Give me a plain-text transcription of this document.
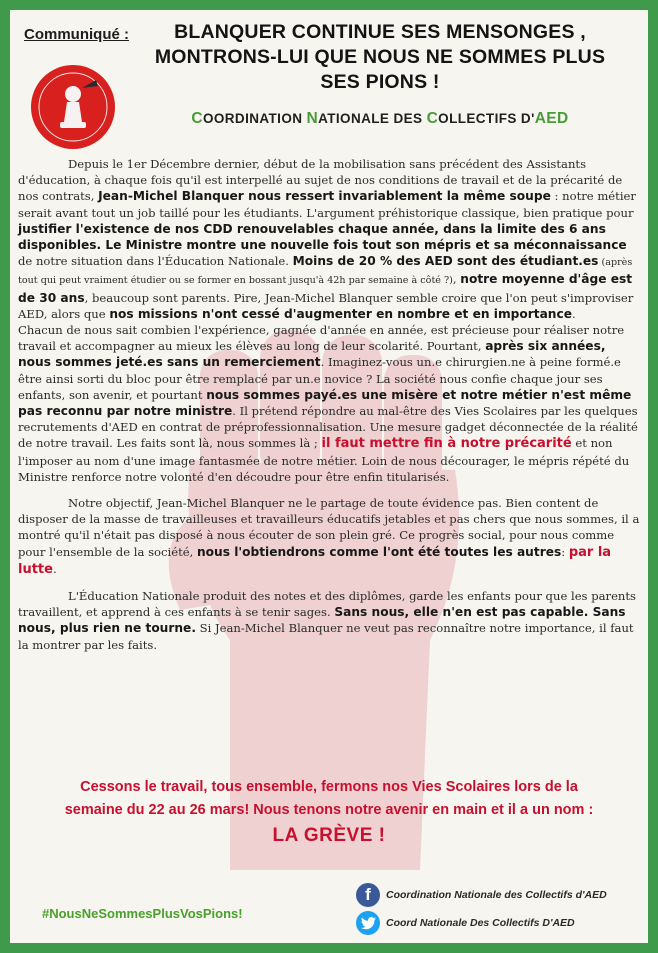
Communiqué :	BLANQUER CONTINUE SES MENSONGES ,
MONTRONS-LUI QUE NOUS NE SOMMES PLUS
SES PIONS !
COORDINATION NATIONALE DES COLLECTIFS D'AED

Depuis le 1er Décembre dernier, début de la mobilisation sans précédent des Assistants d'éducation, à chaque fois qu'il est interpellé au sujet de nos conditions de travail et de la précarité de nos contrats, Jean-Michel Blanquer nous ressert invariablement la même soupe : notre métier serait avant tout un job taillé pour les étudiants. L'argument préhistorique classique, bien pratique pour justifier l'existence de nos CDD renouvelables chaque année, dans la limite des 6 ans disponibles. Le Ministre montre une nouvelle fois tout son mépris et sa méconnaissance de notre situation dans l'Éducation Nationale. Moins de 20 % des AED sont des étudiant.es (après tout qui peut vraiment étudier ou se former en bossant jusqu'à 42h par semaine à côté ?), notre moyenne d'âge est de 30 ans, beaucoup sont parents. Pire, Jean-Michel Blanquer semble croire que l'on peut s'improviser AED, alors que nos missions n'ont cessé d'augmenter en nombre et en importance.

Chacun de nous sait combien l'expérience, gagnée d'année en année, est précieuse pour réaliser notre travail et accompagner au mieux les élèves au long de leur scolarité. Pourtant, après six années, nous sommes jeté.es sans un remerciement. Imaginez-vous un.e chirurgien.ne à peine formé.e être ainsi sorti du bloc pour être remplacé par un.e novice ? La société nous confie chaque jour ses enfants, son avenir, et pourtant nous sommes payé.es une misère et notre métier n'est même pas reconnu par notre ministre. Il prétend répondre au mal-être des Vies Scolaires par les quelques recrutements d'AED en contrat de préprofessionnalisation. Une mesure gadget déconnectée de la réalité de notre travail. Les faits sont là, nous sommes là ; il faut mettre fin à notre précarité et non l'imposer au nom d'une image fantasmée de notre métier. Loin de nous décourager, le mépris répété du Ministre renforce notre volonté d'en découdre pour être enfin titularisés.

Notre objectif, Jean-Michel Blanquer ne le partage de toute évidence pas. Bien content de disposer de la masse de travailleuses et travailleurs éducatifs jetables et pas chers que nous sommes, il a montré qu'il n'était pas disposé à nous écouter de son plein gré. Ce progrès social, pour nous comme pour l'ensemble de la société, nous l'obtiendrons comme l'ont été toutes les autres: par la lutte.

L'Éducation Nationale produit des notes et des diplômes, garde les enfants pour que les parents travaillent, et apprend à ces enfants à se tenir sages. Sans nous, elle n'en est pas capable. Sans nous, plus rien ne tourne. Si Jean-Michel Blanquer ne veut pas reconnaître notre importance, il faut la montrer par les faits.

Cessons le travail, tous ensemble, fermons nos Vies Scolaires lors de la
semaine du 22 au 26 mars! Nous tenons notre avenir en main et il a un nom :
LA GRÈVE !
#NousNeSommesPlusVosPions!
f	Coordination Nationale des Collectifs d'AED
Coord Nationale Des Collectifs D'AED
